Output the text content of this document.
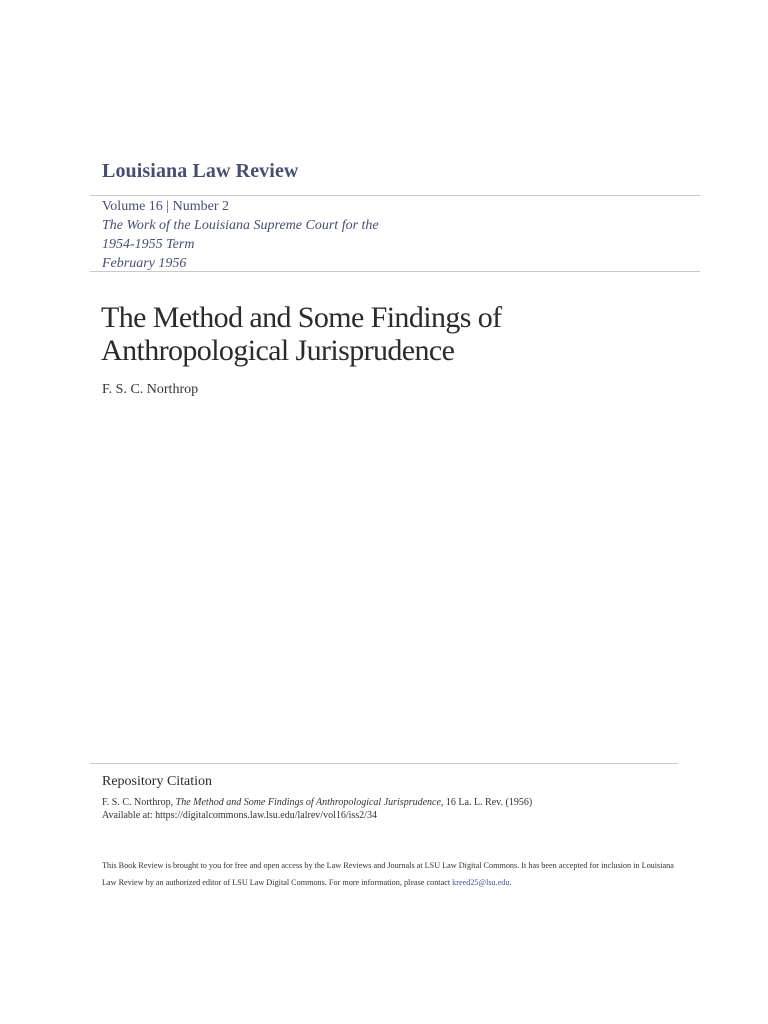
Louisiana Law Review
Volume 16 | Number 2
The Work of the Louisiana Supreme Court for the
1954-1955 Term
February 1956
The Method and Some Findings of
Anthropological Jurisprudence
F. S. C. Northrop
Repository Citation
F. S. C. Northrop, The Method and Some Findings of Anthropological Jurisprudence, 16 La. L. Rev. (1956)
Available at: https://digitalcommons.law.lsu.edu/lalrev/vol16/iss2/34
This Book Review is brought to you for free and open access by the Law Reviews and Journals at LSU Law Digital Commons. It has been accepted for inclusion in Louisiana Law Review by an authorized editor of LSU Law Digital Commons. For more information, please contact kreed25@lsu.edu.
